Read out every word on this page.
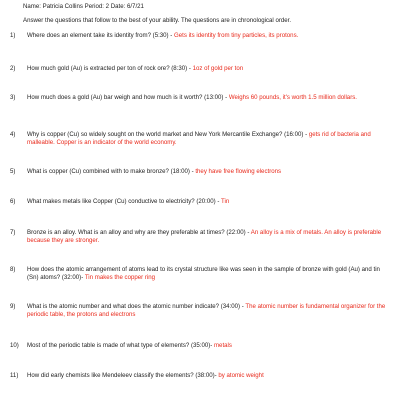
Name: Patricia Collins Period: 2 Date: 6/7/21
Answer the questions that follow to the best of your ability. The questions are in chronological order.
1)	Where does an element take its identity from? (5:30) - Gets its identity from tiny particles, its protons.
2)	How much gold (Au) is extracted per ton of rock ore? (8:30) - 1oz of gold per ton
3)	How much does a gold (Au) bar weigh and how much is it worth? (13:00) - Weighs 60 pounds, it's worth 1.5 million dollars.
4)	Why is copper (Cu) so widely sought on the world market and New York Mercantile Exchange? (16:00) - gets rid of bacteria and malleable. Copper is an indicator of the world economy.
5)	What is copper (Cu) combined with to make bronze? (18:00) - they have free flowing electrons
6)	What makes metals like Copper (Cu) conductive to electricity? (20:00) - Tin
7)	Bronze is an alloy. What is an alloy and why are they preferable at times? (22:00) - An alloy is a mix of metals. An alloy is preferable because they are stronger.
8)	How does the atomic arrangement of atoms lead to its crystal structure like was seen in the sample of bronze with gold (Au) and tin (Sn) atoms? (32:00)- Tin makes the copper ring
9)	What is the atomic number and what does the atomic number indicate? (34:00) - The atomic number is fundamental organizer for the periodic table, the protons and electrons
10)	Most of the periodic table is made of what type of elements? (35:00)- metals
11)	How did early chemists like Mendeleev classify the elements? (38:00)- by atomic weight
